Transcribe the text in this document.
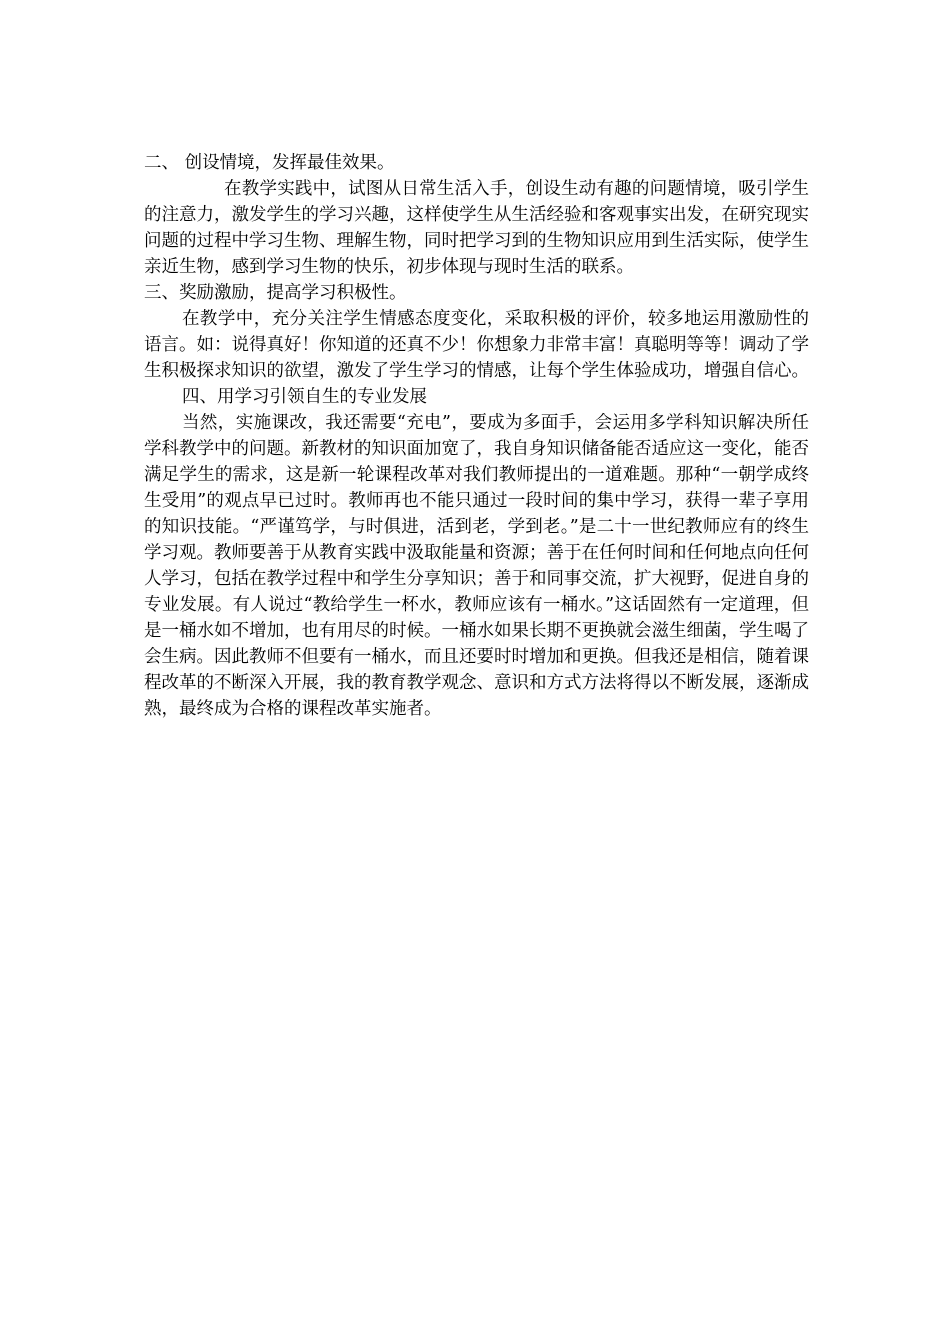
二、 创设情境，发挥最佳效果。

在教学实践中，试图从日常生活入手，创设生动有趣的问题情境，吸引学生的注意力，激发学生的学习兴趣，这样使学生从生活经验和客观事实出发，在研究现实问题的过程中学习生物、理解生物，同时把学习到的生物知识应用到生活实际，使学生亲近生物，感到学习生物的快乐，初步体现与现时生活的联系。

三、奖励激励，提高学习积极性。

在教学中，充分关注学生情感态度变化，采取积极的评价，较多地运用激励性的语言。如：说得真好！你知道的还真不少！你想象力非常丰富！真聪明等等！调动了学生积极探求知识的欲望，激发了学生学习的情感，让每个学生体验成功，增强自信心。

四、用学习引领自生的专业发展

当然，实施课改，我还需要“充电”，要成为多面手，会运用多学科知识解决所任学科教学中的问题。新教材的知识面加宽了，我自身知识储备能否适应这一变化，能否满足学生的需求，这是新一轮课程改革对我们教师提出的一道难题。那种“一朝学成终生受用”的观点早已过时。教师再也不能只通过一段时间的集中学习，获得一辈子享用的知识技能。“严谨笃学，与时俱进，活到老，学到老。”是二十一世纪教师应有的终生学习观。教师要善于从教育实践中汲取能量和资源；善于在任何时间和任何地点向任何人学习，包括在教学过程中和学生分享知识；善于和同事交流，扩大视野，促进自身的专业发展。有人说过“教给学生一杯水，教师应该有一桶水。”这话固然有一定道理，但是一桶水如不增加，也有用尽的时候。一桶水如果长期不更换就会滋生细菌，学生喝了会生病。因此教师不但要有一桶水，而且还要时时增加和更换。但我还是相信，随着课程改革的不断深入开展，我的教育教学观念、意识和方式方法将得以不断发展，逐渐成熟，最终成为合格的课程改革实施者。
